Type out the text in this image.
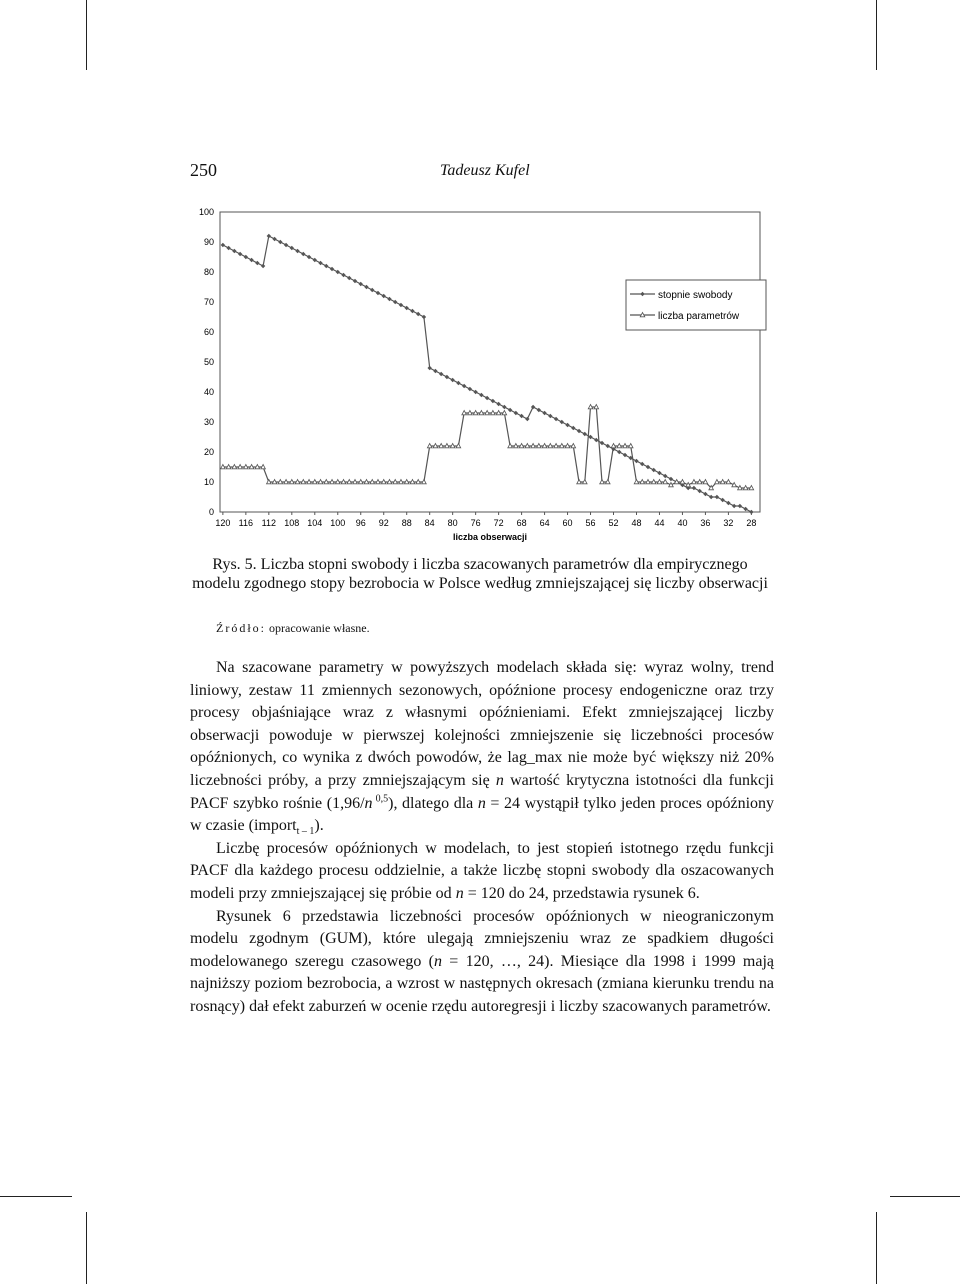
250	Tadeusz Kufel
0
10
20
30
40
50
60
70
80
90
100
120 116 112 108 104 100 96 92 88 84 80 76 72 68 64 60 56 52 48 44 40 36 32 28
stopnie swobody
liczba parametrów
liczba obserwacji
Rys. 5. Liczba stopni swobody i liczba szacowanych parametrów dla empirycznego modelu zgodnego stopy bezrobocia w Polsce według zmniejszającej się liczby obserwacji
Źródło: opracowanie własne.

Na szacowane parametry w powyższych modelach składa się: wyraz wolny, trend liniowy, zestaw 11 zmiennych sezonowych, opóźnione procesy endogeniczne oraz trzy procesy objaśniające wraz z własnymi opóźnieniami. Efekt zmniejszającej liczby obserwacji powoduje w pierwszej kolejności zmniejszenie się liczebności procesów opóźnionych, co wynika z dwóch powodów, że lag_max nie może być większy niż 20% liczebności próby, a przy zmniejszającym się n wartość krytyczna istotności dla funkcji PACF szybko rośnie (1,96/n $^{0,5}$), dlatego dla n = 24 wystąpił tylko jeden proces opóźniony w czasie (import$_{t - 1}$).

Liczbę procesów opóźnionych w modelach, to jest stopień istotnego rzędu funkcji PACF dla każdego procesu oddzielnie, a także liczbę stopni swobody dla oszacowanych modeli przy zmniejszającej się próbie od n = 120 do 24, przedstawia rysunek 6.

Rysunek 6 przedstawia liczebności procesów opóźnionych w nieograniczonym modelu zgodnym (GUM), które ulegają zmniejszeniu wraz ze spadkiem długości modelowanego szeregu czasowego (n = 120, …, 24). Miesiące dla 1998 i 1999 mają najniższy poziom bezrobocia, a wzrost w następnych okresach (zmiana kierunku trendu na rosnący) dał efekt zaburzeń w ocenie rzędu autoregresji i liczby szacowanych parametrów.
